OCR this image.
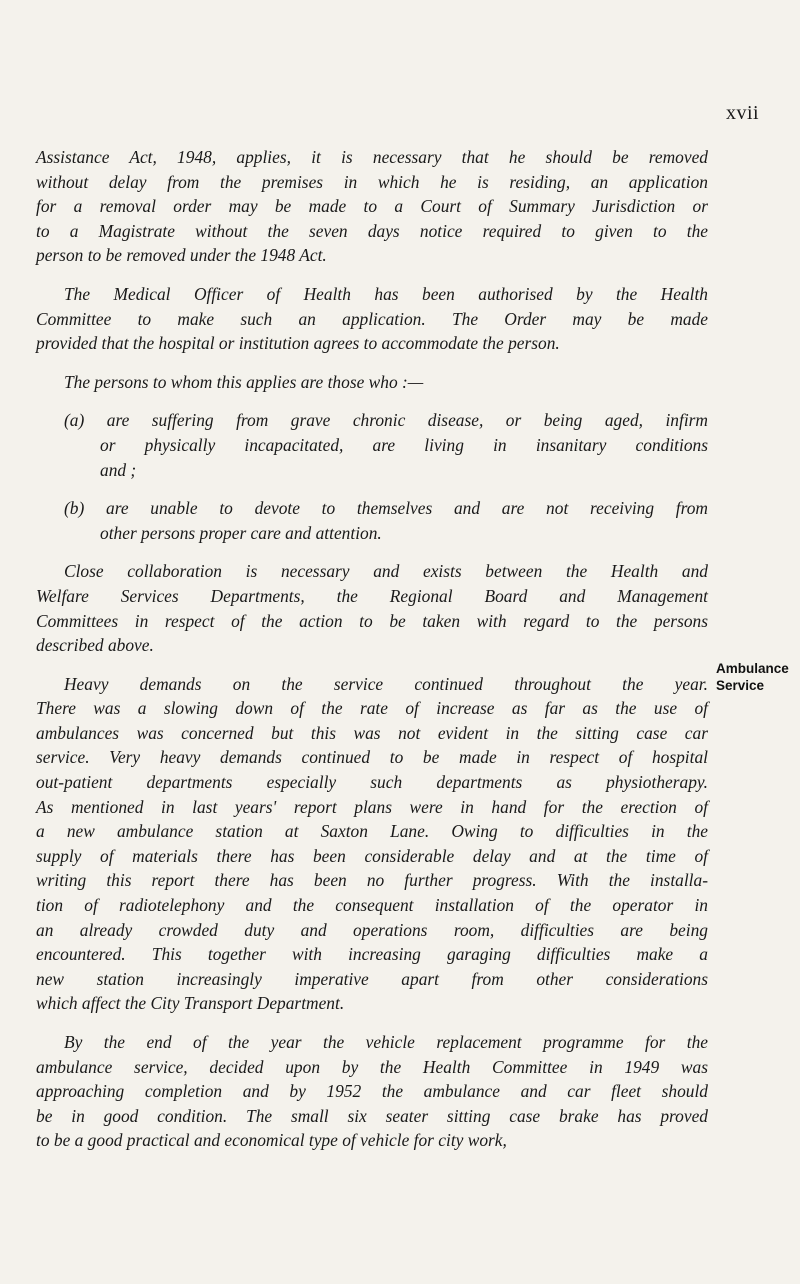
xvii
Assistance Act, 1948, applies, it is necessary that he should be removed
without delay from the premises in which he is residing, an application
for a removal order may be made to a Court of Summary Jurisdiction or
to a Magistrate without the seven days notice required to given to the
person to be removed under the 1948 Act.
The Medical Officer of Health has been authorised by the Health
Committee to make such an application. The Order may be made
provided that the hospital or institution agrees to accommodate the person.
The persons to whom this applies are those who :—
(a) are suffering from grave chronic disease, or being aged, infirm
or physically incapacitated, are living in insanitary conditions
and ;
(b) are unable to devote to themselves and are not receiving from
other persons proper care and attention.
Close collaboration is necessary and exists between the Health and
Welfare Services Departments, the Regional Board and Management
Committees in respect of the action to be taken with regard to the persons
described above.
Heavy demands on the service continued throughout the year.
There was a slowing down of the rate of increase as far as the use of
ambulances was concerned but this was not evident in the sitting case car
service. Very heavy demands continued to be made in respect of hospital
out-patient departments especially such departments as physiotherapy.
As mentioned in last years' report plans were in hand for the erection of
a new ambulance station at Saxton Lane. Owing to difficulties in the
supply of materials there has been considerable delay and at the time of
writing this report there has been no further progress. With the installa-
tion of radiotelephony and the consequent installation of the operator in
an already crowded duty and operations room, difficulties are being
encountered. This together with increasing garaging difficulties make a
new station increasingly imperative apart from other considerations
which affect the City Transport Department.
By the end of the year the vehicle replacement programme for the
ambulance service, decided upon by the Health Committee in 1949 was
approaching completion and by 1952 the ambulance and car fleet should
be in good condition. The small six seater sitting case brake has proved
to be a good practical and economical type of vehicle for city work,
Ambulance
Service
